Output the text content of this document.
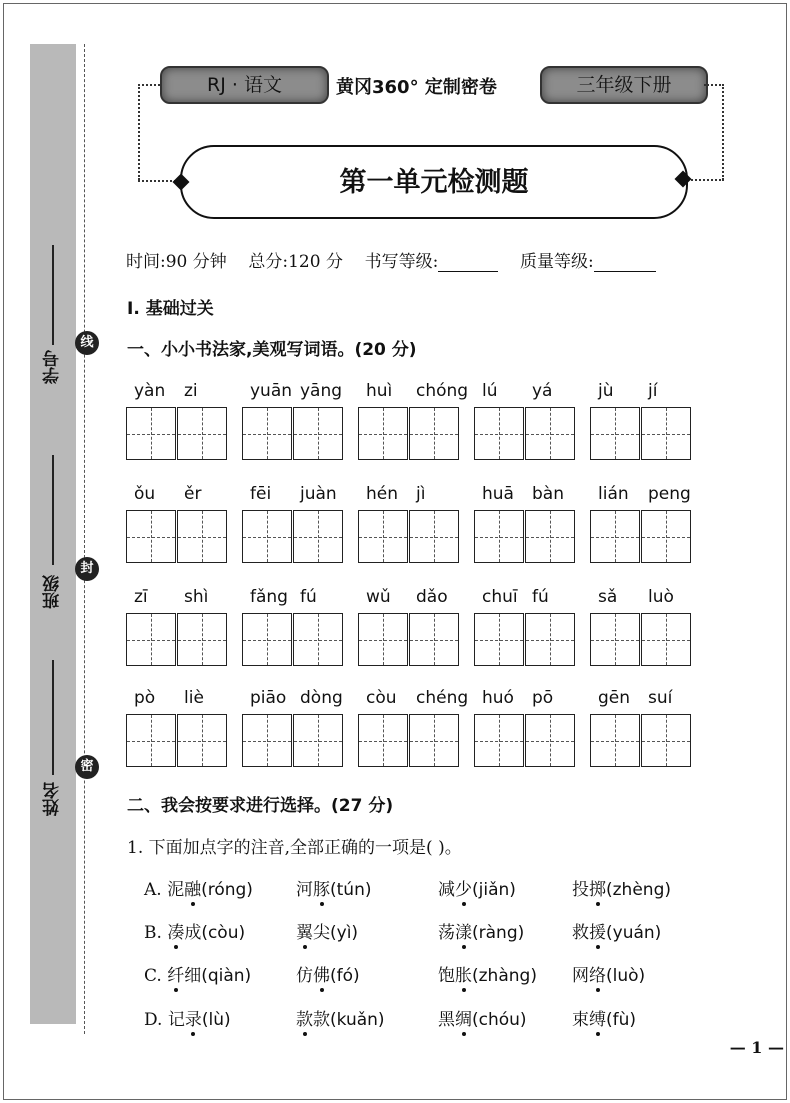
学号
班级
姓名
线
封
密
RJ · 语文	黄冈360° 定制密卷	三年级下册
第一单元检测题
时间:90 分钟 总分:120 分 书写等级:	质量等级:
Ⅰ. 基础过关
一、小小书法家,美观写词语。(20 分)
yàn zi	yuān yāng huì chóng lú yá	jù jí
ǒu ěr	fēi juàn hén jì	huā bàn lián peng
zī shì fǎng fú	wǔ dǎo chuī fú	sǎ luò
pò liè	piāo dòng còu chéng huó pō	gēn suí
二、我会按要求进行选择。(27 分)
1. 下面加点字的注音,全部正确的一项是( )。
A. 泥融(róng)	河豚(tún)	减少(jiǎn)	投掷(zhèng)
B. 凑成(còu)	翼尖(yì)	荡漾(ràng)	救援(yuán)
C. 纤细(qiàn)	仿佛(fó)	饱胀(zhàng) 网络(luò)
D. 记录(lù)	款款(kuǎn)	黑绸(chóu)	束缚(fù)
— 1 —
